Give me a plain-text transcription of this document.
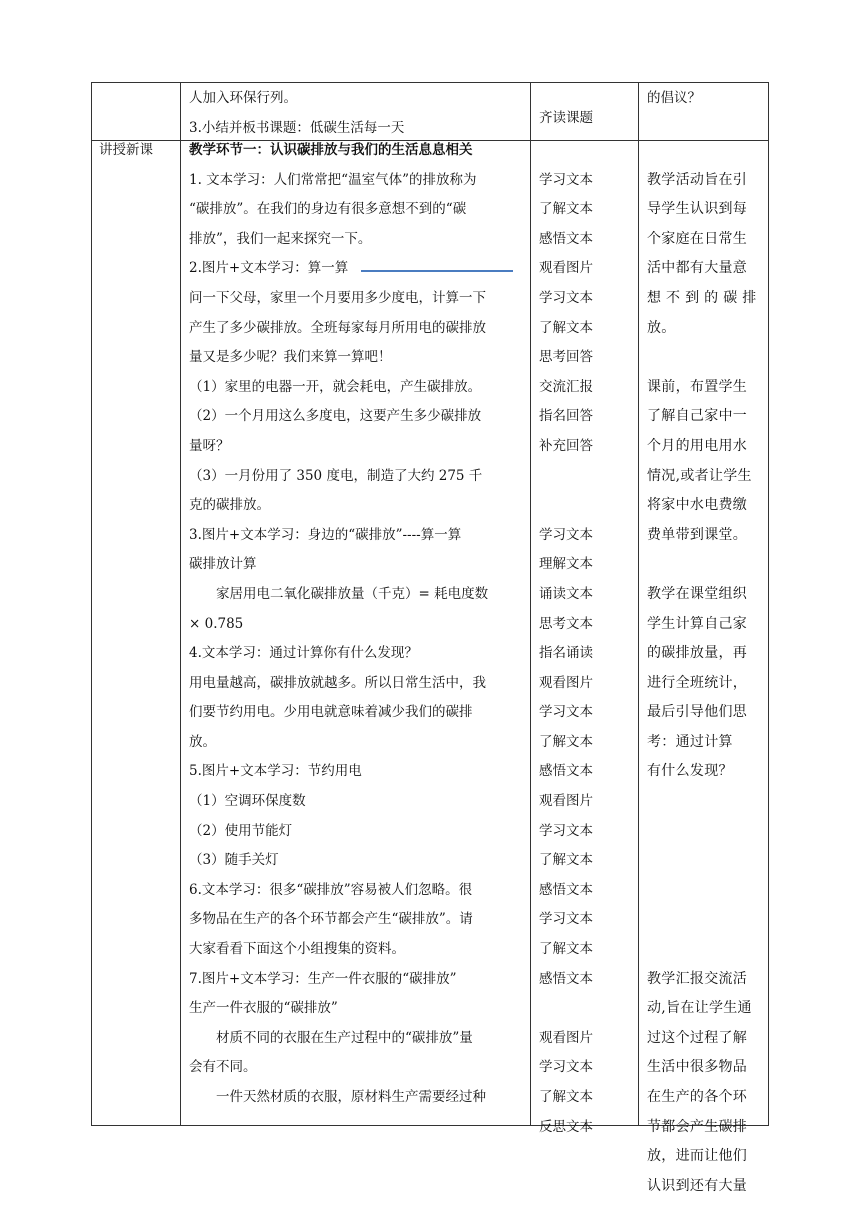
人加入环保行列。
3.小结并板书课题：低碳生活每一天
齐读课题
的倡议？
讲授新课	教学环节一：认识碳排放与我们的生活息息相关
1. 文本学习：人们常常把“温室气体”的排放称为
“碳排放”。在我们的身边有很多意想不到的“碳
排放”，我们一起来探究一下。
2.图片+文本学习：算一算
问一下父母，家里一个月要用多少度电，计算一下
产生了多少碳排放。全班每家每月所用电的碳排放
量又是多少呢？我们来算一算吧！
（1）家里的电器一开，就会耗电，产生碳排放。
（2）一个月用这么多度电，这要产生多少碳排放
量呀？
（3）一月份用了 350 度电，制造了大约 275 千
克的碳排放。
3.图片+文本学习：身边的“碳排放”----算一算
碳排放计算
家居用电二氧化碳排放量（千克）= 耗电度数
× 0.785
4.文本学习：通过计算你有什么发现？
用电量越高，碳排放就越多。所以日常生活中，我
们要节约用电。少用电就意味着减少我们的碳排
放。
5.图片+文本学习：节约用电
（1）空调环保度数
（2）使用节能灯
（3）随手关灯
6.文本学习：很多“碳排放”容易被人们忽略。很
多物品在生产的各个环节都会产生“碳排放”。请
大家看看下面这个小组搜集的资料。
7.图片+文本学习：生产一件衣服的“碳排放”
生产一件衣服的“碳排放”
材质不同的衣服在生产过程中的“碳排放”量
会有不同。
一件天然材质的衣服，原材料生产需要经过种
学习文本
了解文本
感悟文本
观看图片
学习文本
了解文本
思考回答
交流汇报
指名回答
补充回答
学习文本
理解文本
诵读文本
思考文本
指名诵读
观看图片
学习文本
了解文本
感悟文本
观看图片
学习文本
了解文本
感悟文本
学习文本
了解文本
感悟文本
观看图片
学习文本
了解文本
反思文本
教学活动旨在引
导学生认识到每
个家庭在日常生
活中都有大量意
想 不 到 的 碳 排
放。
课前，布置学生
了解自己家中一
个月的用电用水
情况,或者让学生
将家中水电费缴
费单带到课堂。
教学在课堂组织
学生计算自己家
的碳排放量，再
进行全班统计，
最后引导他们思
考：通过计算
有什么发现？
教学汇报交流活
动,旨在让学生通
过这个过程了解
生活中很多物品
在生产的各个环
节都会产生碳排
放，进而让他们
认识到还有大量
